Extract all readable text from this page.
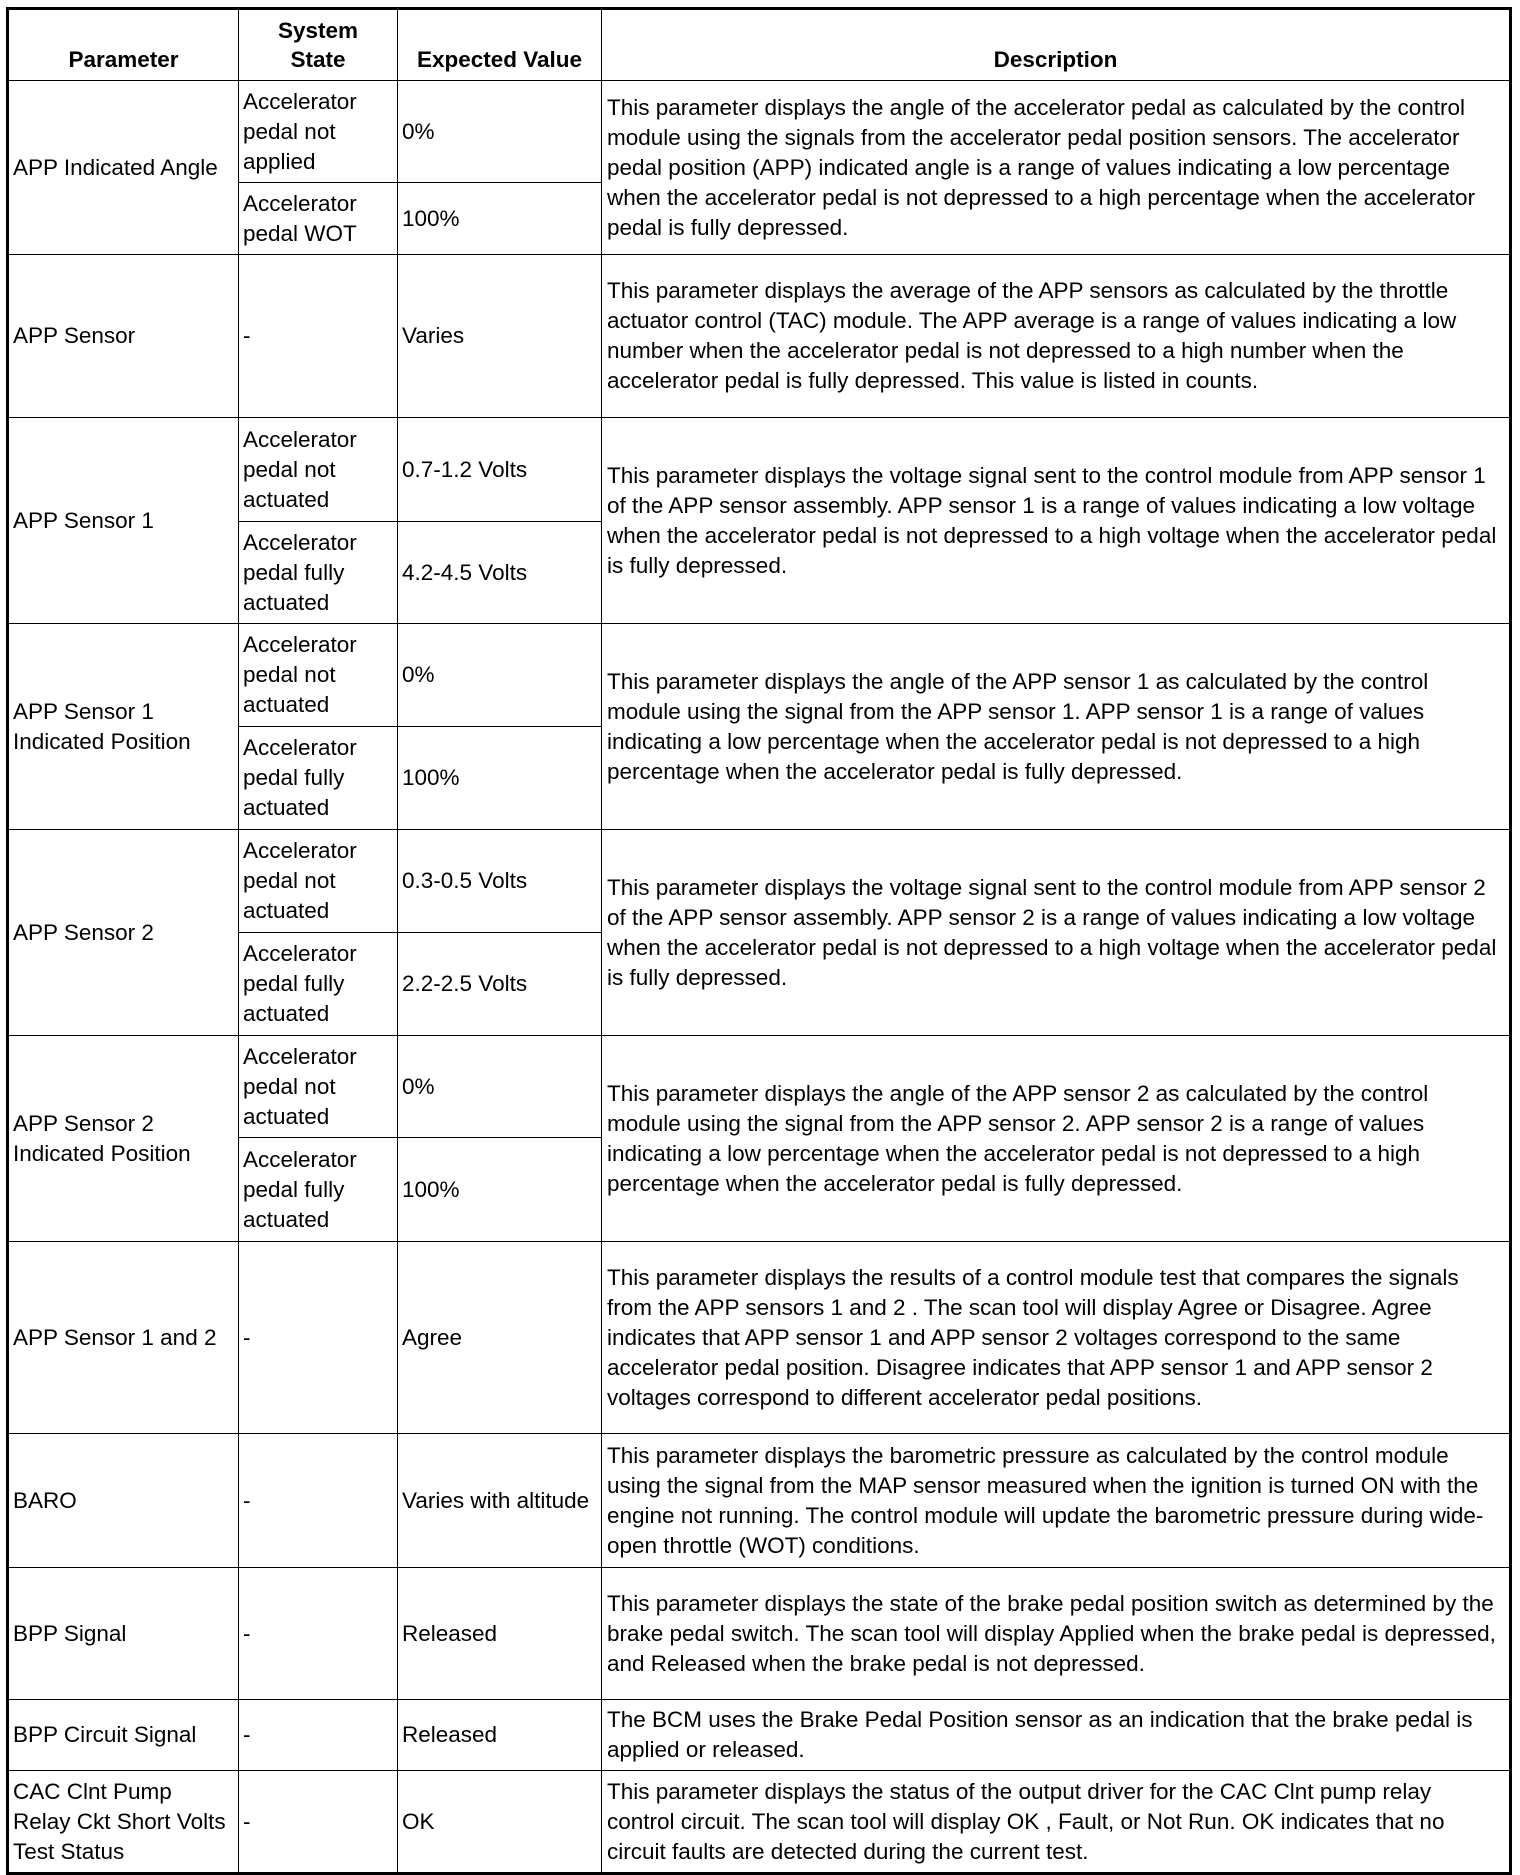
Parameter	System State	Expected Value	Description
APP Indicated Angle	Accelerator pedal not applied	0%	This parameter displays the angle of the accelerator pedal as calculated by the control module using the signals from the accelerator pedal position sensors. The accelerator pedal position (APP) indicated angle is a range of values indicating a low percentage when the accelerator pedal is not depressed to a high percentage when the accelerator pedal is fully depressed.
	Accelerator pedal WOT	100%	
APP Sensor	-	Varies	This parameter displays the average of the APP sensors as calculated by the throttle actuator control (TAC) module. The APP average is a range of values indicating a low number when the accelerator pedal is not depressed to a high number when the accelerator pedal is fully depressed. This value is listed in counts.
APP Sensor 1	Accelerator pedal not actuated	0.7-1.2 Volts	This parameter displays the voltage signal sent to the control module from APP sensor 1 of the APP sensor assembly. APP sensor 1 is a range of values indicating a low voltage when the accelerator pedal is not depressed to a high voltage when the accelerator pedal is fully depressed.
	Accelerator pedal fully actuated	4.2-4.5 Volts	
APP Sensor 1 Indicated Position	Accelerator pedal not actuated	0%	This parameter displays the angle of the APP sensor 1 as calculated by the control module using the signal from the APP sensor 1. APP sensor 1 is a range of values indicating a low percentage when the accelerator pedal is not depressed to a high percentage when the accelerator pedal is fully depressed.
	Accelerator pedal fully actuated	100%	
APP Sensor 2	Accelerator pedal not actuated	0.3-0.5 Volts	This parameter displays the voltage signal sent to the control module from APP sensor 2 of the APP sensor assembly. APP sensor 2 is a range of values indicating a low voltage when the accelerator pedal is not depressed to a high voltage when the accelerator pedal is fully depressed.
	Accelerator pedal fully actuated	2.2-2.5 Volts	
APP Sensor 2 Indicated Position	Accelerator pedal not actuated	0%	This parameter displays the angle of the APP sensor 2 as calculated by the control module using the signal from the APP sensor 2. APP sensor 2 is a range of values indicating a low percentage when the accelerator pedal is not depressed to a high percentage when the accelerator pedal is fully depressed.
	Accelerator pedal fully actuated	100%	
APP Sensor 1 and 2	-	Agree	This parameter displays the results of a control module test that compares the signals from the APP sensors 1 and 2 . The scan tool will display Agree or Disagree. Agree indicates that APP sensor 1 and APP sensor 2 voltages correspond to the same accelerator pedal position. Disagree indicates that APP sensor 1 and APP sensor 2 voltages correspond to different accelerator pedal positions.
BARO	-	Varies with altitude	This parameter displays the barometric pressure as calculated by the control module using the signal from the MAP sensor measured when the ignition is turned ON with the engine not running. The control module will update the barometric pressure during wide-open throttle (WOT) conditions.
BPP Signal	-	Released	This parameter displays the state of the brake pedal position switch as determined by the brake pedal switch. The scan tool will display Applied when the brake pedal is depressed, and Released when the brake pedal is not depressed.
BPP Circuit Signal	-	Released	The BCM uses the Brake Pedal Position sensor as an indication that the brake pedal is applied or released.
CAC Clnt Pump Relay Ckt Short Volts Test Status	-	OK	This parameter displays the status of the output driver for the CAC Clnt pump relay control circuit. The scan tool will display OK , Fault, or Not Run. OK indicates that no circuit faults are detected during the current test.
